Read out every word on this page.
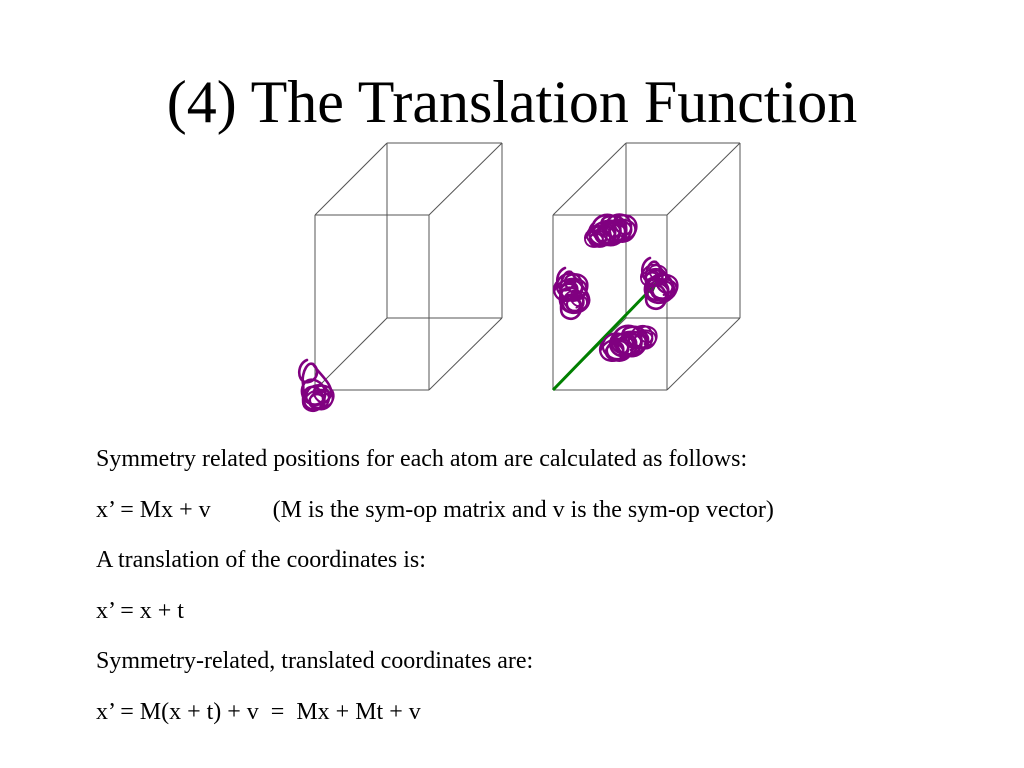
(4) The Translation Function
Symmetry related positions for each atom are calculated as follows:
x’ = Mx + v	(M is the sym-op matrix and v is the sym-op vector)
A translation of the coordinates is:
x’ = x + t
Symmetry-related, translated coordinates are:
x’ = M(x + t) + v  =  Mx + Mt + v
